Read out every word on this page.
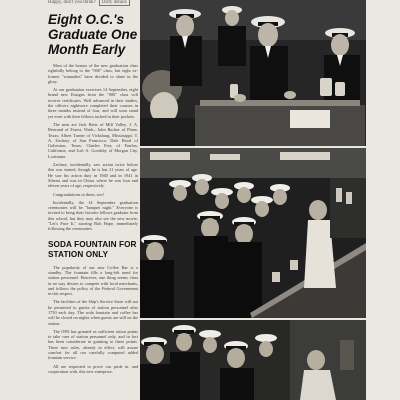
Happy, don't you think? Dirty details
Eight O.C.'s Graduate One Month Early

Most of the honors of the new graduation class rightfully belong to the "000" class, but eight ex-former "wannabes" have decided to share in the glory.

At our graduation exercises 14 September, eight brand new Ensigns from the "000" class will receive certificates. Well advanced in their studies, the officers nightwere completed their courses in three months instead of four, and will soon stand yet even with their fellows tucked in their pockets.

The men are Jack Betts of Mill Valley, J. A. Bertrand of Forest, Wash.; John Rucker of Plano, Texas; Albert Turner of Vicksburg, Mississippi; T. A. Zachary of San Francisco; Dale Hood of Galveston, Texas; Charles Frey of Fairfax, California; and Joel A. Goodsby of Morgan City, Louisiana.

Zachary, incidentally, saw action twice before this war started, though he is but 21 years of age. He saw his action duty in 1940 and in 1941 in Siberia and was in China, where he was four and eleven years of age, respectively.

Congratulations to them, sirs!

Incidentally, the 14 September graduation ceremonies will be "banquet night." Everyone is invited to bring their favorite fellows graduate from this school, but they may also see the new movie, "Let's Face It," starring Bob Hope, immediately following the ceremonies.

SODA FOUNTAIN FOR STATION ONLY

The popularity of our new Coffee Bar is a standby. The fountain fills a long-felt need for station personnel. However, one thing seems clear in no way desires to compete with local merchants, and follows the policy of the Federal Government in this respect.

The facilities of the Ship's Service Store will not be permitted to guests of station personnel after 1730 each day. The soda fountain and coffee bar will be closed on nights when guests are still on the station.

The OPA has granted us sufficient ration points to take care of station personnel only, and in fact has been considerate in granting to these points. There now rules, already in effect, will assure comfort for all our carefully computed added fountain service.

All are requested to prove our pride in, and cooperation with, this new enterprise.
